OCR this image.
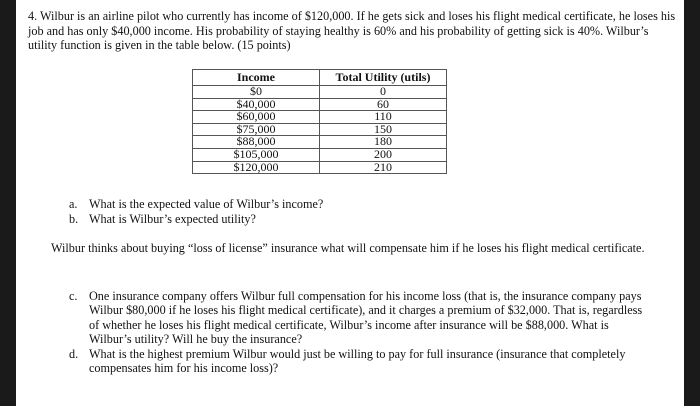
4. Wilbur is an airline pilot who currently has income of $120,000. If he gets sick and loses his flight medical certificate, he loses his job and has only $40,000 income. His probability of staying healthy is 60% and his probability of getting sick is 40%. Wilbur’s utility function is given in the table below. (15 points)
Income	Total Utility (utils)
$0	0
$40,000	60
$60,000	110
$75,000	150
$88,000	180
$105,000	200
$120,000	210
a. What is the expected value of Wilbur’s income?
b. What is Wilbur’s expected utility?
Wilbur thinks about buying “loss of license” insurance what will compensate him if he loses his flight medical certificate.
c. One insurance company offers Wilbur full compensation for his income loss (that is, the insurance company pays Wilbur $80,000 if he loses his flight medical certificate), and it charges a premium of $32,000. That is, regardless of whether he loses his flight medical certificate, Wilbur’s income after insurance will be $88,000. What is Wilbur’s utility? Will he buy the insurance?
d. What is the highest premium Wilbur would just be willing to pay for full insurance (insurance that completely compensates him for his income loss)?
